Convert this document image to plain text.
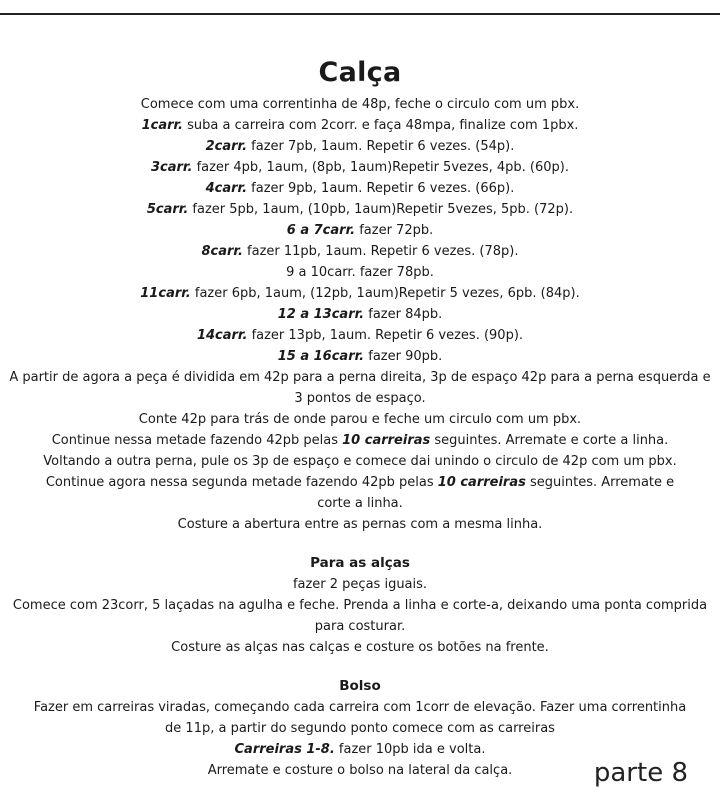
Calça
Comece com uma correntinha de 48p, feche o circulo com um pbx.
1carr. suba a carreira com 2corr. e faça 48mpa, finalize com 1pbx.
2carr. fazer 7pb, 1aum. Repetir 6 vezes. (54p).
3carr. fazer 4pb, 1aum, (8pb, 1aum)Repetir 5vezes, 4pb. (60p).
4carr. fazer 9pb, 1aum. Repetir 6 vezes. (66p).
5carr. fazer 5pb, 1aum, (10pb, 1aum)Repetir 5vezes, 5pb. (72p).
6 a 7carr. fazer 72pb.
8carr. fazer 11pb, 1aum. Repetir 6 vezes. (78p).
9 a 10carr. fazer 78pb.
11carr. fazer 6pb, 1aum, (12pb, 1aum)Repetir 5 vezes, 6pb. (84p).
12 a 13carr. fazer 84pb.
14carr. fazer 13pb, 1aum. Repetir 6 vezes. (90p).
15 a 16carr. fazer 90pb.
A partir de agora a peça é dividida em 42p para a perna direita, 3p de espaço 42p para a perna esquerda e 3 pontos de espaço.
Conte 42p para trás de onde parou e feche um circulo com um pbx.
Continue nessa metade fazendo 42pb pelas 10 carreiras seguintes. Arremate e corte a linha.
Voltando a outra perna, pule os 3p de espaço e comece dai unindo o circulo de 42p com um pbx.
Continue agora nessa segunda metade fazendo 42pb pelas 10 carreiras seguintes. Arremate e corte a linha.
Costure a abertura entre as pernas com a mesma linha.
Para as alças
fazer 2 peças iguais.
Comece com 23corr, 5 laçadas na agulha e feche. Prenda a linha e corte-a, deixando uma ponta comprida para costurar.
Costure as alças nas calças e costure os botões na frente.
Bolso
Fazer em carreiras viradas, começando cada carreira com 1corr de elevação. Fazer uma correntinha de 11p, a partir do segundo ponto comece com as carreiras
Carreiras 1-8. fazer 10pb ida e volta.
Arremate e costure o bolso na lateral da calça.	parte 8
